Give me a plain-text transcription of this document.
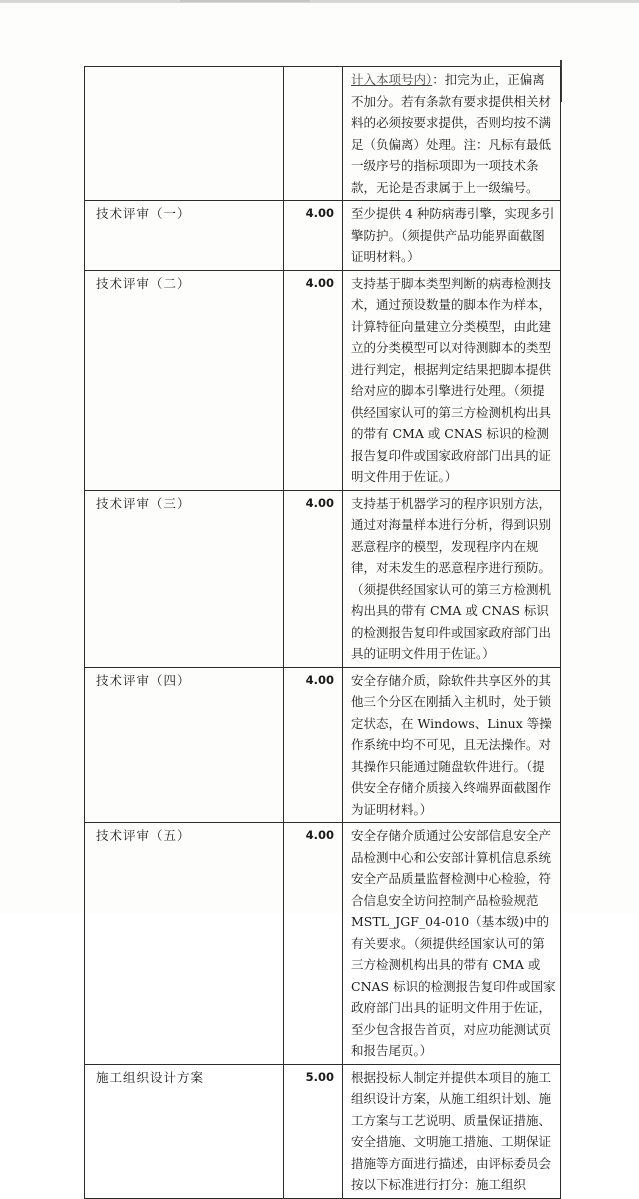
		计入本项号内）：扣完为止，正偏离不加分。若有条款有要求提供相关材料的必须按要求提供，否则均按不满足（负偏离）处理。注：凡标有最低一级序号的指标项即为一项技术条款，无论是否隶属于上一级编号。
技术评审（一）	4.00	至少提供 4 种防病毒引擎，实现多引擎防护。（须提供产品功能界面截图证明材料。）
技术评审（二）	4.00	支持基于脚本类型判断的病毒检测技术，通过预设数量的脚本作为样本，计算特征向量建立分类模型，由此建立的分类模型可以对待测脚本的类型进行判定，根据判定结果把脚本提供给对应的脚本引擎进行处理。（须提供经国家认可的第三方检测机构出具的带有 CMA 或 CNAS 标识的检测报告复印件或国家政府部门出具的证明文件用于佐证。）
技术评审（三）	4.00	支持基于机器学习的程序识别方法，通过对海量样本进行分析，得到识别恶意程序的模型，发现程序内在规律，对未发生的恶意程序进行预防。（须提供经国家认可的第三方检测机构出具的带有 CMA 或 CNAS 标识的检测报告复印件或国家政府部门出具的证明文件用于佐证。）
技术评审（四）	4.00	安全存储介质，除软件共享区外的其他三个分区在刚插入主机时，处于锁定状态，在 Windows、Linux 等操作系统中均不可见，且无法操作。对其操作只能通过随盘软件进行。（提供安全存储介质接入终端界面截图作为证明材料。）
技术评审（五）	4.00	安全存储介质通过公安部信息安全产品检测中心和公安部计算机信息系统安全产品质量监督检测中心检验，符合信息安全访问控制产品检验规范 MSTL_JGF_04-010（基本级)中的有关要求。（须提供经国家认可的第三方检测机构出具的带有 CMA 或 CNAS 标识的检测报告复印件或国家政府部门出具的证明文件用于佐证，至少包含报告首页，对应功能测试页和报告尾页。）
施工组织设计方案	5.00	根据投标人制定并提供本项目的施工组织设计方案，从施工组织计划、施工方案与工艺说明、质量保证措施、安全措施、文明施工措施、工期保证措施等方面进行描述，由评标委员会按以下标准进行打分：施工组织
